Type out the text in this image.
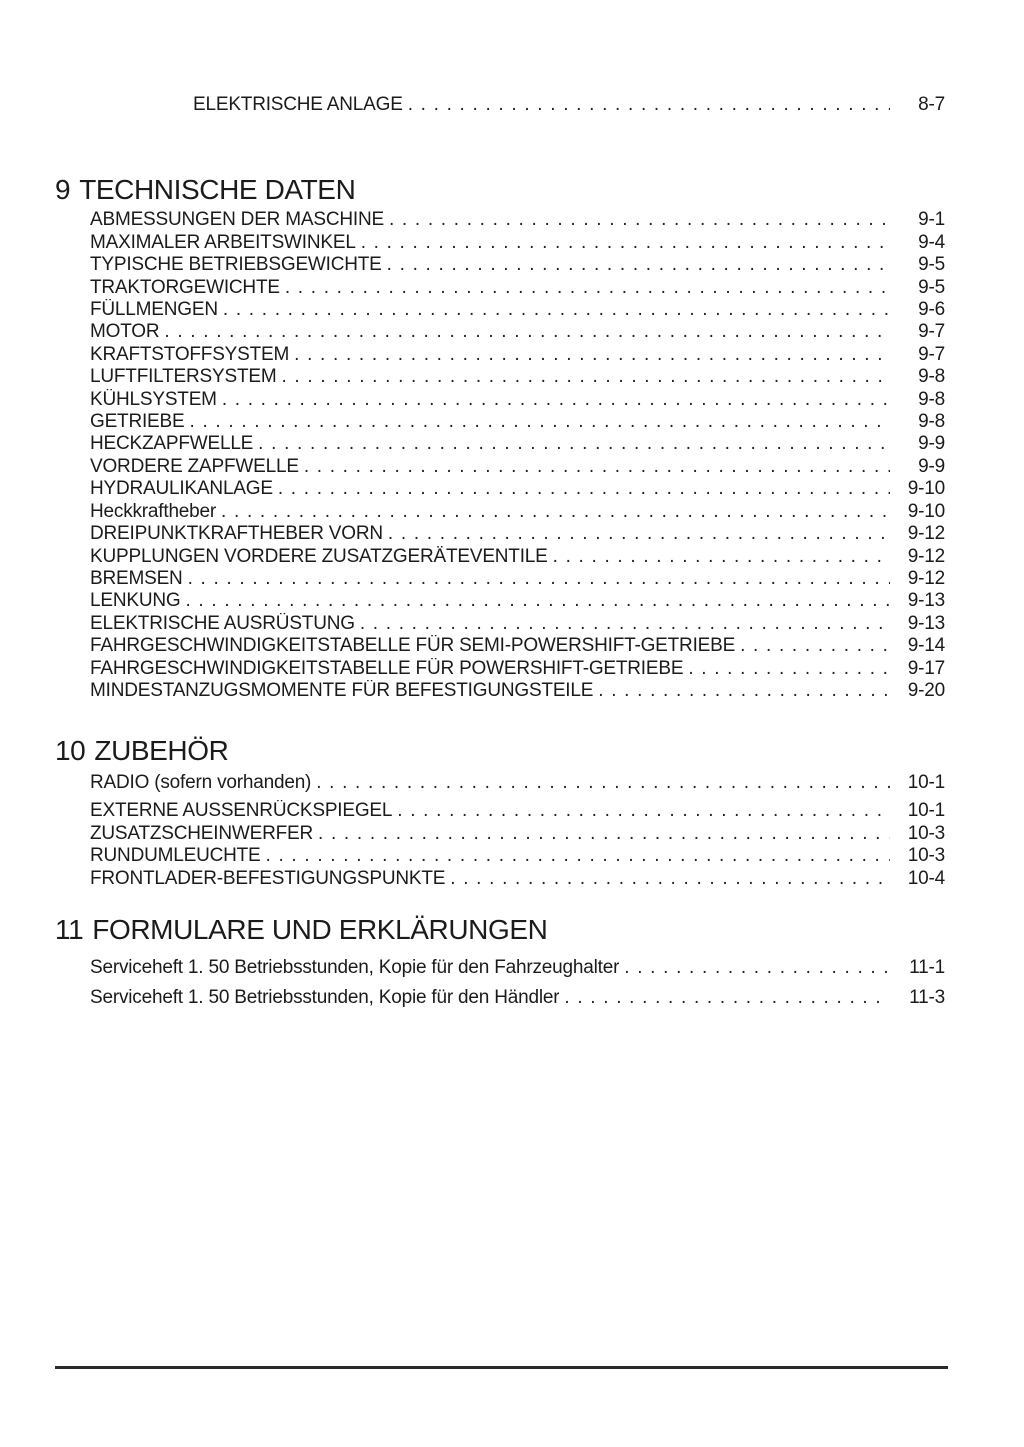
ELEKTRISCHE ANLAGE . . .	8-7
9 TECHNISCHE DATEN
ABMESSUNGEN DER MASCHINE . . .	9-1
MAXIMALER ARBEITSWINKEL . . .	9-4
TYPISCHE BETRIEBSGEWICHTE . . .	9-5
TRAKTORGEWICHTE . . .	9-5
FÜLLMENGEN . . .	9-6
MOTOR . . .	9-7
KRAFTSTOFFSYSTEM . . .	9-7
LUFTFILTERSYSTEM . . .	9-8
KÜHLSYSTEM . . .	9-8
GETRIEBE . . .	9-8
HECKZAPFWELLE . . .	9-9
VORDERE ZAPFWELLE . . .	9-9
HYDRAULIKANLAGE . . .	9-10
Heckkraftheber . . .	9-10
DREIPUNKTKRAFTHEBER VORN . . .	9-12
KUPPLUNGEN VORDERE ZUSATZGERÄTEVENTILE . . .	9-12
BREMSEN . . .	9-12
LENKUNG . . .	9-13
ELEKTRISCHE AUSRÜSTUNG . . .	9-13
FAHRGESCHWINDIGKEITSTABELLE FÜR SEMI-POWERSHIFT-GETRIEBE . . .	9-14
FAHRGESCHWINDIGKEITSTABELLE FÜR POWERSHIFT-GETRIEBE . . .	9-17
MINDESTANZUGSMOMENTE FÜR BEFESTIGUNGSTEILE . . .	9-20
10 ZUBEHÖR
RADIO (sofern vorhanden) . . .	10-1
EXTERNE AUSSENRÜCKSPIEGEL . . .	10-1
ZUSATZSCHEINWERFER . . .	10-3
RUNDUMLEUCHTE . . .	10-3
FRONTLADER-BEFESTIGUNGSPUNKTE . . .	10-4
11 FORMULARE UND ERKLÄRUNGEN
Serviceheft 1. 50 Betriebsstunden, Kopie für den Fahrzeughalter . . .	11-1
Serviceheft 1. 50 Betriebsstunden, Kopie für den Händler . . .	11-3
